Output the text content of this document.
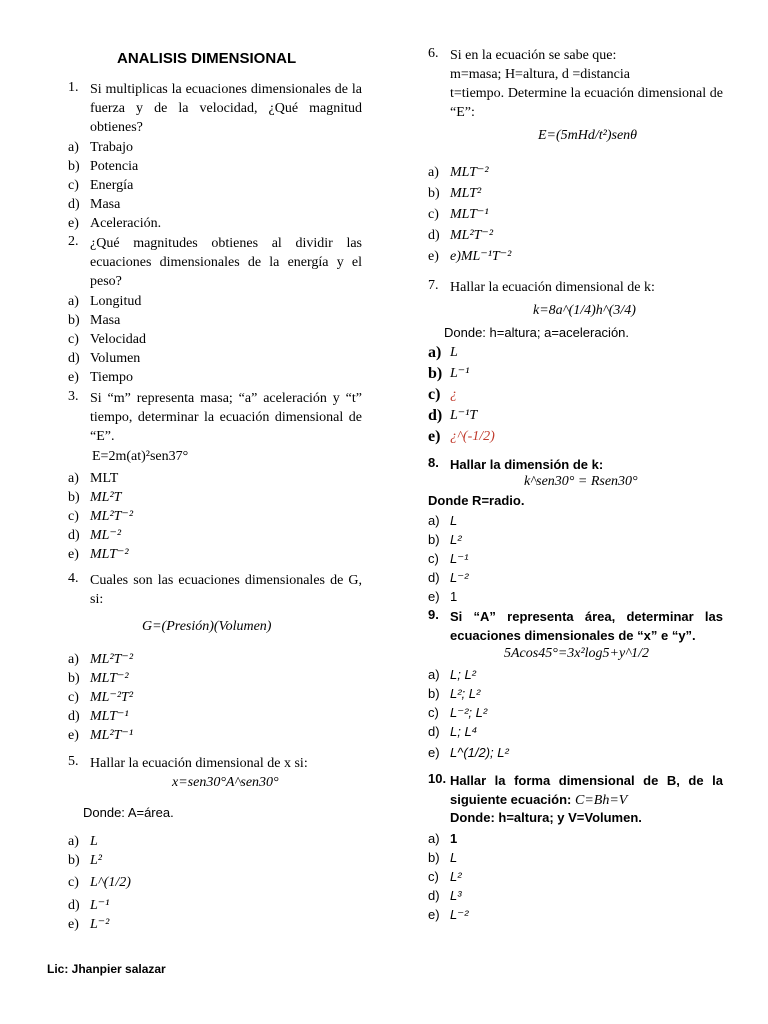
ANALISIS DIMENSIONAL
1. Si multiplicas la ecuaciones dimensionales de la fuerza y de la velocidad, ¿Qué magnitud obtienes?
a) Trabajo
b) Potencia
c) Energía
d) Masa
e) Aceleración.
2. ¿Qué magnitudes obtienes al dividir las ecuaciones dimensionales de la energía y el peso?
a) Longitud
b) Masa
c) Velocidad
d) Volumen
e) Tiempo
3. Si “m” representa masa; “a” aceleración y “t” tiempo, determinar la ecuación dimensional de “E”.
E=2m(at)²sen37°
a) MLT
b) ML²T
c) ML²T⁻²
d) ML⁻²
e) MLT⁻²
4. Cuales son las ecuaciones dimensionales de G, si:
G=(Presión)(Volumen)
a) ML²T⁻²
b) MLT⁻²
c) ML⁻²T²
d) MLT⁻¹
e) ML²T⁻¹
5. Hallar la ecuación dimensional de x si:
x=sen30°A^sen30°
Donde: A=área.
a) L
b) L²
c) L^(1/2)
d) L⁻¹
e) L⁻²
6. Si en la ecuación se sabe que:
m=masa; H=altura, d =distancia
t=tiempo. Determine la ecuación dimensional de “E”:
E=(5mHd/t²)senθ
a) MLT⁻²
b) MLT²
c) MLT⁻¹
d) ML²T⁻²
e) e)ML⁻¹T⁻²
7. Hallar la ecuación dimensional de k:
k=8a^(1/4)h^(3/4)
Donde: h=altura; a=aceleración.
a) L
b) L⁻¹
c) ¿
d) L⁻¹T
e) ¿^(-1/2)
8. Hallar la dimensión de k:
k^sen30° = Rsen30°
Donde R=radio.
a) L
b) L²
c) L⁻¹
d) L⁻²
e) 1
9. Si “A” representa área, determinar las ecuaciones dimensionales de “x” e “y”.
5Acos45°=3x²log5+y^1/2
a) L; L²
b) L²; L²
c) L⁻²; L²
d) L; L⁴
e) L^(1/2); L²
10. Hallar la forma dimensional de B, de la siguiente ecuación: C=Bh=V
Donde: h=altura; y V=Volumen.
a) 1
b) L
c) L²
d) L³
e) L⁻²
Lic: Jhanpier salazar
